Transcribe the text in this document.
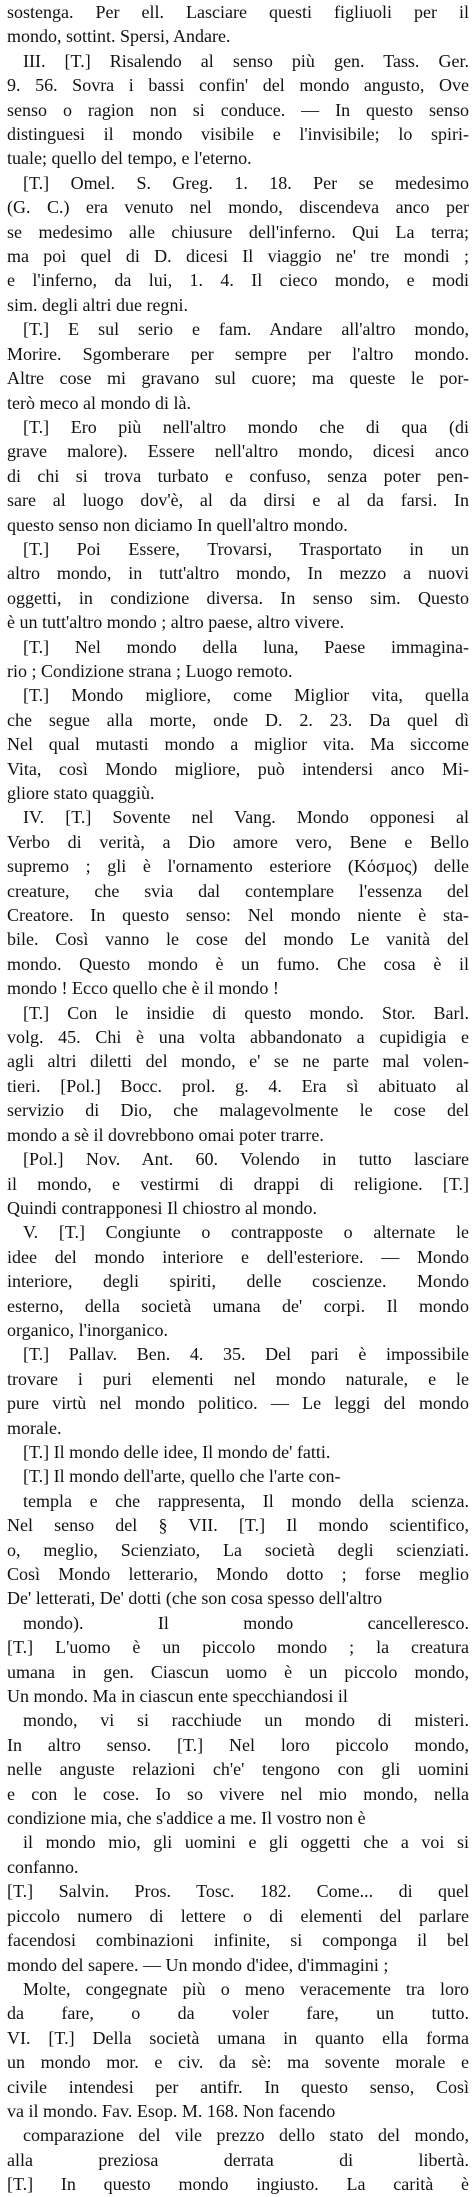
sostenga. Per ell. Lasciare questi figliuoli per il
mondo, sottint. Spersi, Andare.
III. [T.] Risalendo al senso più gen. Tass. Ger.
9. 56. Sovra i bassi confin' del mondo angusto, Ove
senso o ragion non si conduce. — In questo senso
distinguesi il mondo visibile e l'invisibile; lo spiri-
tuale; quello del tempo, e l'eterno.
[T.] Omel. S. Greg. 1. 18. Per se medesimo
(G. C.) era venuto nel mondo, discendeva anco per
se medesimo alle chiusure dell'inferno. Qui La terra;
ma poi quel di D. dicesi Il viaggio ne' tre mondi ;
e l'inferno, da lui, 1. 4. Il cieco mondo, e modi
sim. degli altri due regni.
[T.] E sul serio e fam. Andare all'altro mondo,
Morire. Sgomberare per sempre per l'altro mondo.
Altre cose mi gravano sul cuore; ma queste le por-
terò meco al mondo di là.
[T.] Ero più nell'altro mondo che di qua (di
grave malore). Essere nell'altro mondo, dicesi anco
di chi si trova turbato e confuso, senza poter pen-
sare al luogo dov'è, al da dirsi e al da farsi. In
questo senso non diciamo In quell'altro mondo.
[T.] Poi Essere, Trovarsi, Trasportato in un
altro mondo, in tutt'altro mondo, In mezzo a nuovi
oggetti, in condizione diversa. In senso sim. Questo
è un tutt'altro mondo ; altro paese, altro vivere.
[T.] Nel mondo della luna, Paese immagina-
rio ; Condizione strana ; Luogo remoto.
[T.] Mondo migliore, come Miglior vita, quella
che segue alla morte, onde D. 2. 23. Da quel dì
Nel qual mutasti mondo a miglior vita. Ma siccome
Vita, così Mondo migliore, può intendersi anco Mi-
gliore stato quaggiù.
IV. [T.] Sovente nel Vang. Mondo opponesi al
Verbo di verità, a Dio amore vero, Bene e Bello
supremo ; gli è l'ornamento esteriore (Κόσμος) delle
creature, che svia dal contemplare l'essenza del
Creatore. In questo senso: Nel mondo niente è sta-
bile. Così vanno le cose del mondo Le vanità del
mondo. Questo mondo è un fumo. Che cosa è il
mondo ! Ecco quello che è il mondo !
[T.] Con le insidie di questo mondo. Stor. Barl.
volg. 45. Chi è una volta abbandonato a cupidigia e
agli altri diletti del mondo, e' se ne parte mal volen-
tieri. [Pol.] Bocc. prol. g. 4. Era sì abituato al
servizio di Dio, che malagevolmente le cose del
mondo a sè il dovrebbono omai poter trarre.
[Pol.] Nov. Ant. 60. Volendo in tutto lasciare
il mondo, e vestirmi di drappi di religione. [T.]
Quindi contrapponesi Il chiostro al mondo.
V. [T.] Congiunte o contrapposte o alternate le
idee del mondo interiore e dell'esteriore. — Mondo
interiore, degli spiriti, delle coscienze. Mondo
esterno, della società umana de' corpi. Il mondo
organico, l'inorganico.
[T.] Pallav. Ben. 4. 35. Del pari è impossibile
trovare i puri elementi nel mondo naturale, e le
pure virtù nel mondo politico. — Le leggi del mondo
morale.
[T.] Il mondo delle idee, Il mondo de' fatti.
[T.] Il mondo dell'arte, quello che l'arte con-
templa e che rappresenta, Il mondo della scienza.
Nel senso del § VII. [T.] Il mondo scientifico,
o, meglio, Scienziato, La società degli scienziati.
Così Mondo letterario, Mondo dotto ; forse meglio
De' letterati, De' dotti (che son cosa spesso dell'altro
mondo). Il mondo cancelleresco.
[T.] L'uomo è un piccolo mondo ; la creatura
umana in gen. Ciascun uomo è un piccolo mondo,
Un mondo. Ma in ciascun ente specchiandosi il
mondo, vi si racchiude un mondo di misteri.
In altro senso. [T.] Nel loro piccolo mondo,
nelle anguste relazioni ch'e' tengono con gli uomini
e con le cose. Io so vivere nel mio mondo, nella
condizione mia, che s'addice a me. Il vostro non è
il mondo mio, gli uomini e gli oggetti che a voi si
confanno.
[T.] Salvin. Pros. Tosc. 182. Come... di quel
piccolo numero di lettere o di elementi del parlare
facendosi combinazioni infinite, si componga il bel
mondo del sapere. — Un mondo d'idee, d'immagini ;
Molte, congegnate più o meno veracemente tra loro
da fare, o da voler fare, un tutto.
VI. [T.] Della società umana in quanto ella forma
un mondo mor. e civ. da sè: ma sovente morale e
civile intendesi per antifr. In questo senso, Così
va il mondo. Fav. Esop. M. 168. Non facendo
comparazione del vile prezzo dello stato del mondo,
alla preziosa derrata di libertà.
[T.] In questo mondo ingiusto. La carità è
